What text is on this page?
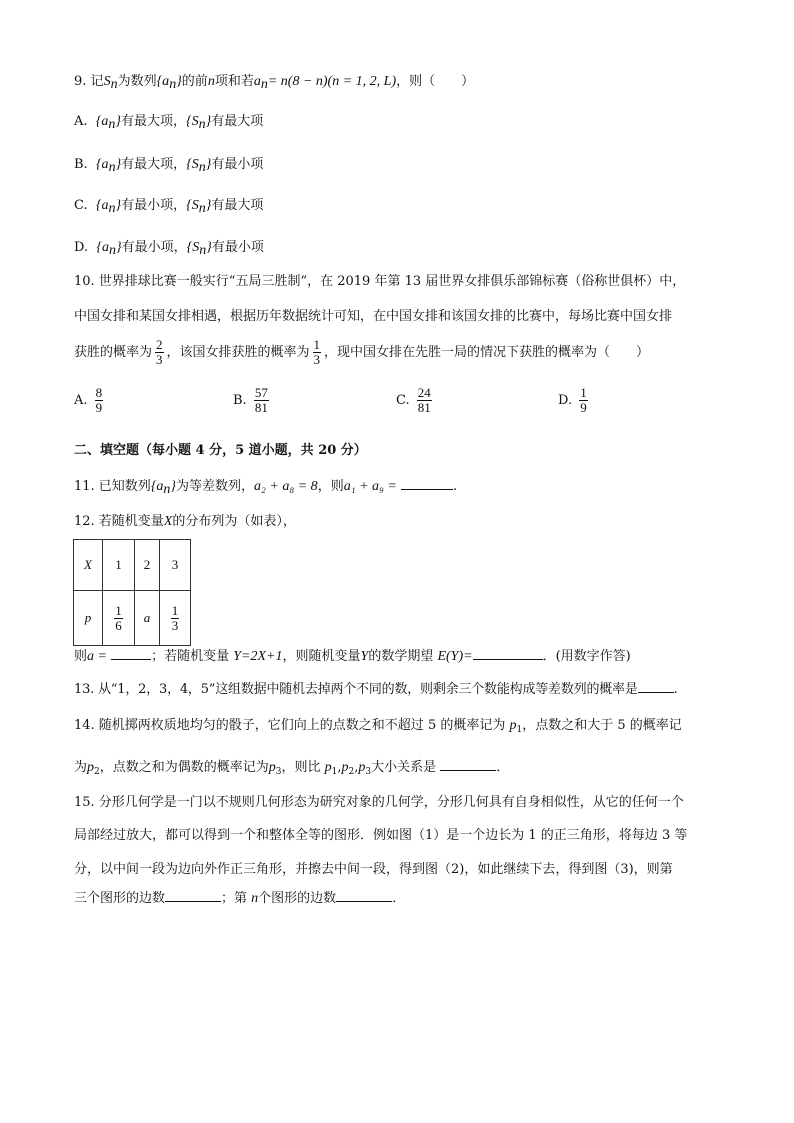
9. 记$S_n$为数列$\{a_n\}$的前n项和若$a_n= n(8 - n)(n = 1$, 2, L)，则（　　）
A. $\{a_n\}$有最大项，$\{S_n\}$有最大项
B. $\{a_n\}$有最大项，$\{S_n\}$有最小项
C. $\{a_n\}$有最小项，$\{S_n\}$有最大项
D. $\{a_n\}$有最小项，$\{S_n\}$有最小项
10. 世界排球比赛一般实行“五局三胜制”，在 2019 年第 13 届世界女排俱乐部锦标赛（俗称世俱杯）中，
中国女排和某国女排相遇，根据历年数据统计可知，在中国女排和该国女排的比赛中，每场比赛中国女排
获胜的概率为 $\frac{2}{3}$ ，该国女排获胜的概率为 $\frac{1}{3}$ ，现中国女排在先胜一局的情况下获胜的概率为（　　）
A. $\frac{8}{9}$	B. $\frac{57}{81}$	C. $\frac{24}{81}$	D. $\frac{1}{9}$
二、填空题（每小题 4 分，5 道小题，共 20 分）
11. 已知数列$\{a_n\}$为等差数列，a₂ + a₈ = 8，则a₁ + a₉ =	.
12. 若随机变量X的分布列为（如表），
X	1	2	3
p	$\frac{1}{6}$	a	$\frac{1}{3}$
则a =	；若随机变量 Y=2X+1，则随机变量Y的数学期望 E(Y)=	．(用数字作答)
13. 从“1，2，3，4，5”这组数据中随机去掉两个不同的数，则剩余三个数能构成等差数列的概率是	.
14. 随机掷两枚质地均匀的骰子，它们向上的点数之和不超过 5 的概率记为 $p_1$，点数之和大于 5 的概率记
为$p_2$，点数之和为偶数的概率记为$p_3$，则比 $p_1,p_2,p_3$大小关系是	．
15. 分形几何学是一门以不规则几何形态为研究对象的几何学，分形几何具有自身相似性，从它的任何一个
局部经过放大，都可以得到一个和整体全等的图形．例如图（1）是一个边长为 1 的正三角形，将每边 3 等
分，以中间一段为边向外作正三角形，并擦去中间一段，得到图（2)，如此继续下去，得到图（3)，则第
三个图形的边数	；第 n个图形的边数	．
